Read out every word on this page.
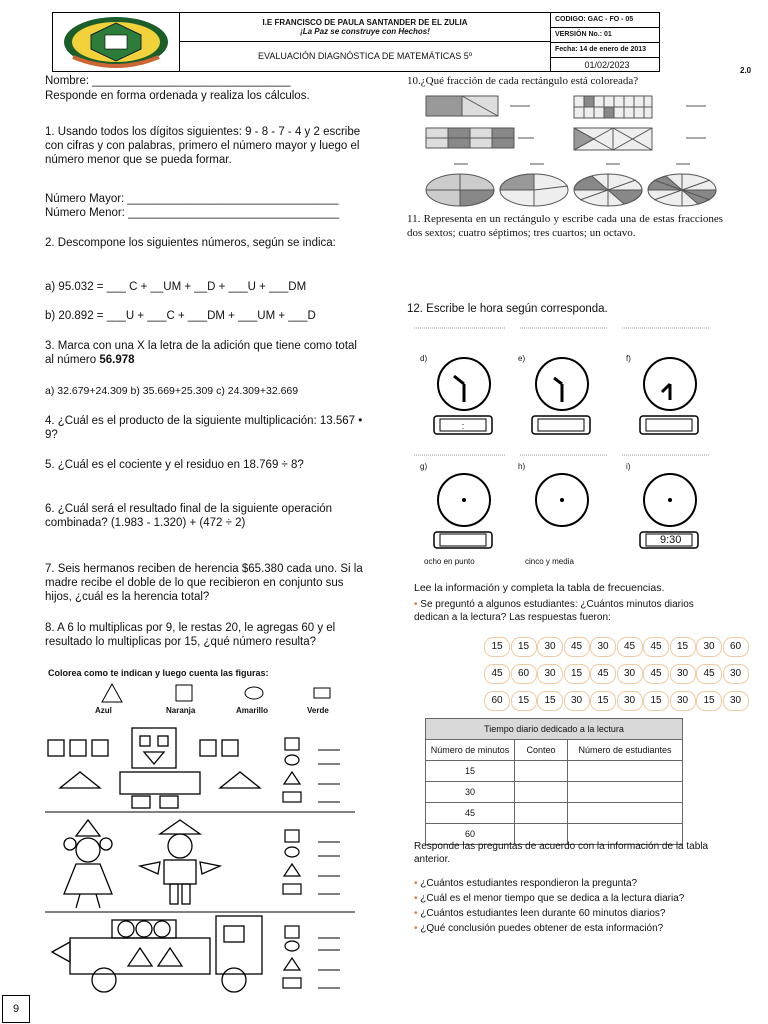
I.E FRANCISCO DE PAULA SANTANDER DE EL ZULIA
¡La Paz se construye con Hechos!
EVALUACIÓN DIAGNÓSTICA DE MATEMÁTICAS 5º
CODIGO: GAC - FO - 05
VERSIÓN No.: 01
Fecha: 14 de enero de 2013
01/02/2023
2.0
Nombre: _______________________________
Responde en forma ordenada y realiza los cálculos.
1. Usando todos los dígitos siguientes: 9 - 8 - 7 - 4 y 2 escribe con cifras y con palabras, primero el número mayor y luego el número menor que se pueda formar.
Número Mayor: _________________________________
Número Menor: _________________________________
2. Descompone los siguientes números, según se indica:
a) 95.032 = ___ C + __UM + __D + ___U + ___DM
b) 20.892 = ___U + ___C + ___DM + ___UM + ___D
3. Marca con una X la letra de la adición que tiene como total al número 56.978
a) 32.679+24.309 b) 35.669+25.309 c) 24.309+32.669
4. ¿Cuál es el producto de la siguiente multiplicación: 13.567 • 9?
5. ¿Cuál es el cociente y el residuo en 18.769 ÷ 8?
6. ¿Cuál será el resultado final de la siguiente operación combinada? (1.983 - 1.320) + (472 ÷ 2)
7. Seis hermanos reciben de herencia $65.380 cada uno. Si la madre recibe el doble de lo que recibieron en conjunto sus hijos, ¿cuál es la herencia total?
8. A 6 lo multiplicas por 9, le restas 20, le agregas 60 y el resultado lo multiplicas por 15, ¿qué número resulta?
Colorea como te indican y luego cuenta las figuras:
Azul	Naranja	Amarillo	Verde
10.¿Qué fracción de cada rectángulo está coloreada?
11. Representa en un rectángulo y escribe cada una de estas fracciones dos sextos; cuatro séptimos; tres cuartos; un octavo.
12. Escribe le hora según corresponda.
d)
:
e)	f)
g)	h)	i)
9:30
ocho en punto	cinco y media
Lee la información y completa la tabla de frecuencias.
• Se preguntó a algunos estudiantes: ¿Cuántos minutos diarios dedican a la lectura? Las respuestas fueron:
15	15	30	45	30	45	45	15	30	60
45	60	30	15	45	30	45	30	45	30
60	15	15	30	15	30	15	30	15	30
Tiempo diario dedicado a la lectura		
Número de minutos	Conteo	Número de estudiantes
15		
30		
45		
60		
Responde las preguntas de acuerdo con la información de la tabla anterior.
• ¿Cuántos estudiantes respondieron la pregunta?
• ¿Cuál es el menor tiempo que se dedica a la lectura diaria?
• ¿Cuántos estudiantes leen durante 60 minutos diarios?
• ¿Qué conclusión puedes obtener de esta información?
9
